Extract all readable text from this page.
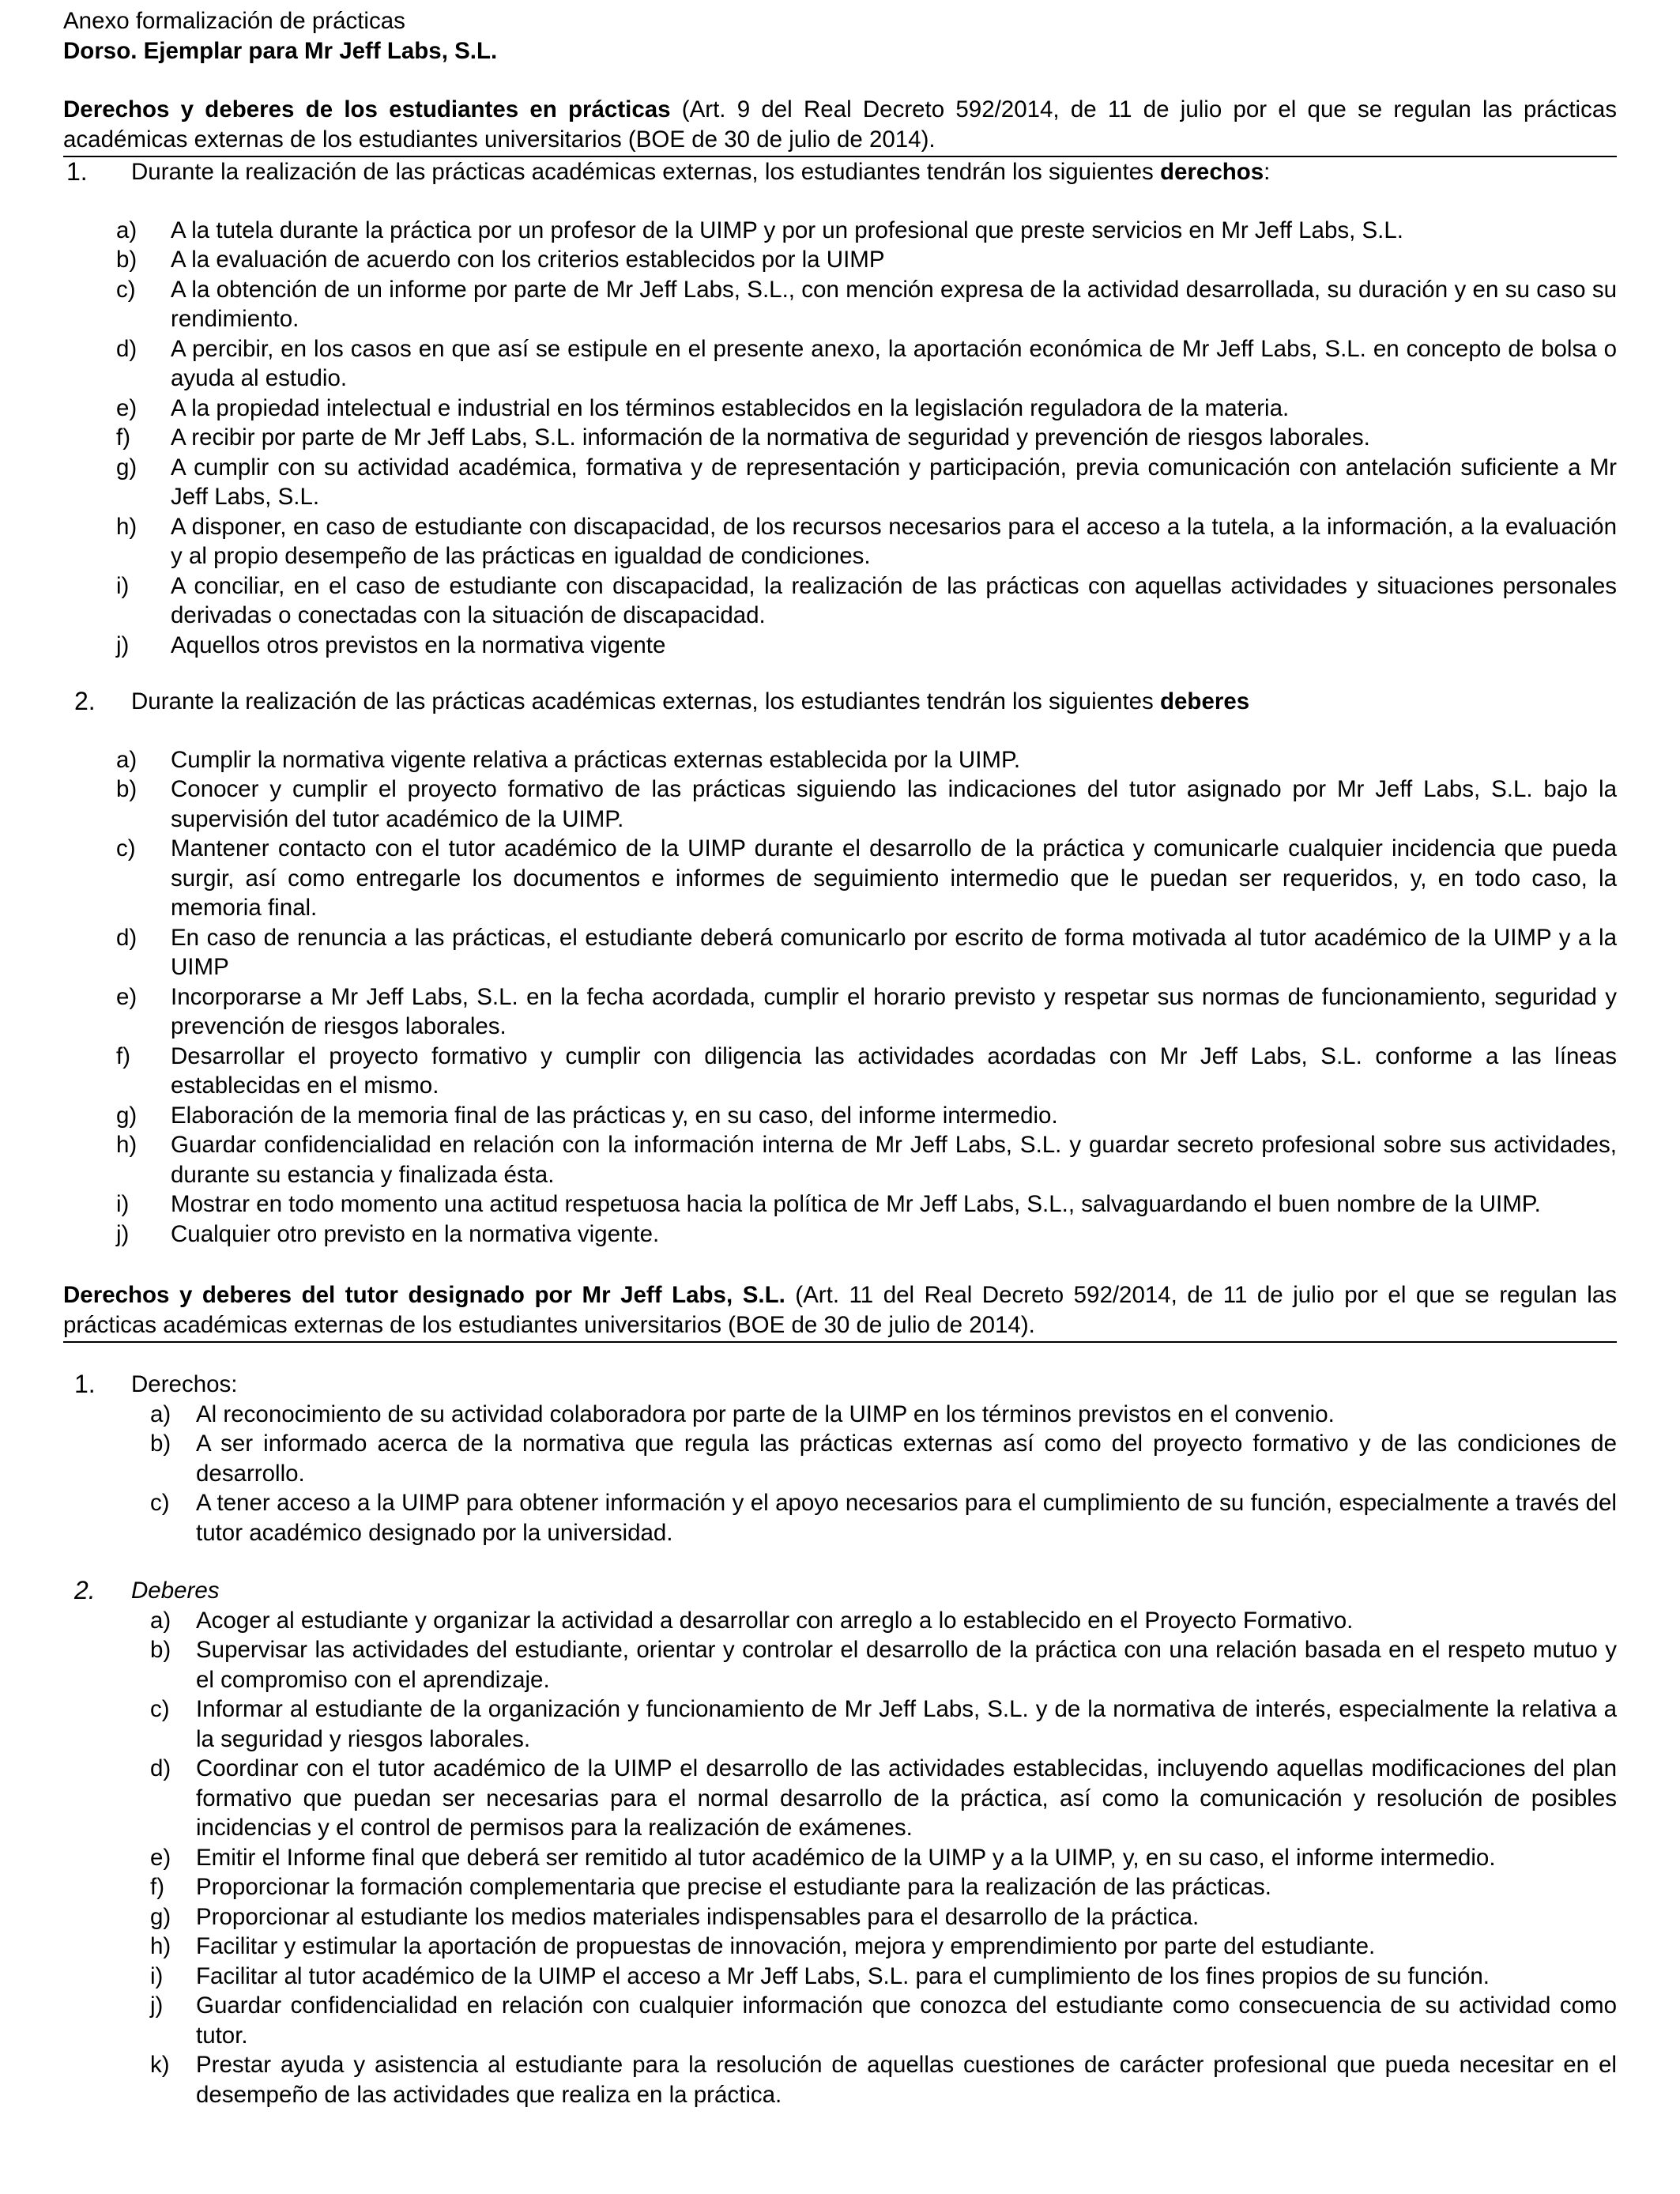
Anexo formalización de prácticas

Dorso. Ejemplar para Mr Jeff Labs, S.L.

Derechos y deberes de los estudiantes en prácticas (Art. 9 del Real Decreto 592/2014, de 11 de julio por el que se regulan las prácticas académicas externas de los estudiantes universitarios (BOE de 30 de julio de 2014).

1.	Durante la realización de las prácticas académicas externas, los estudiantes tendrán los siguientes derechos:
a)	A la tutela durante la práctica por un profesor de la UIMP y por un profesional que preste servicios en Mr Jeff Labs, S.L.
b)	A la evaluación de acuerdo con los criterios establecidos por la UIMP
c)	A la obtención de un informe por parte de Mr Jeff Labs, S.L., con mención expresa de la actividad desarrollada, su duración y en su caso su rendimiento.
d)	A percibir, en los casos en que así se estipule en el presente anexo, la aportación económica de Mr Jeff Labs, S.L. en concepto de bolsa o ayuda al estudio.
e)	A la propiedad intelectual e industrial en los términos establecidos en la legislación reguladora de la materia.
f)	A recibir por parte de Mr Jeff Labs, S.L. información de la normativa de seguridad y prevención de riesgos laborales.
g)	A cumplir con su actividad académica, formativa y de representación y participación, previa comunicación con antelación suficiente a Mr Jeff Labs, S.L.
h)	A disponer, en caso de estudiante con discapacidad, de los recursos necesarios para el acceso a la tutela, a la información, a la evaluación y al propio desempeño de las prácticas en igualdad de condiciones.
i)	A conciliar, en el caso de estudiante con discapacidad, la realización de las prácticas con aquellas actividades y situaciones personales derivadas o conectadas con la situación de discapacidad.
j)	Aquellos otros previstos en la normativa vigente
2.	Durante la realización de las prácticas académicas externas, los estudiantes tendrán los siguientes deberes
a)	Cumplir la normativa vigente relativa a prácticas externas establecida por la UIMP.
b)	Conocer y cumplir el proyecto formativo de las prácticas siguiendo las indicaciones del tutor asignado por Mr Jeff Labs, S.L. bajo la supervisión del tutor académico de la UIMP.
c)	Mantener contacto con el tutor académico de la UIMP durante el desarrollo de la práctica y comunicarle cualquier incidencia que pueda surgir, así como entregarle los documentos e informes de seguimiento intermedio que le puedan ser requeridos, y, en todo caso, la memoria final.
d)	En caso de renuncia a las prácticas, el estudiante deberá comunicarlo por escrito de forma motivada al tutor académico de la UIMP y a la UIMP
e)	Incorporarse a Mr Jeff Labs, S.L. en la fecha acordada, cumplir el horario previsto y respetar sus normas de funcionamiento, seguridad y prevención de riesgos laborales.
f)	Desarrollar el proyecto formativo y cumplir con diligencia las actividades acordadas con Mr Jeff Labs, S.L. conforme a las líneas establecidas en el mismo.
g)	Elaboración de la memoria final de las prácticas y, en su caso, del informe intermedio.
h)	Guardar confidencialidad en relación con la información interna de Mr Jeff Labs, S.L. y guardar secreto profesional sobre sus actividades, durante su estancia y finalizada ésta.
i)	Mostrar en todo momento una actitud respetuosa hacia la política de Mr Jeff Labs, S.L., salvaguardando el buen nombre de la UIMP.
j)	Cualquier otro previsto en la normativa vigente.

Derechos y deberes del tutor designado por Mr Jeff Labs, S.L. (Art. 11 del Real Decreto 592/2014, de 11 de julio por el que se regulan las prácticas académicas externas de los estudiantes universitarios (BOE de 30 de julio de 2014).

1.	Derechos:
a)	Al reconocimiento de su actividad colaboradora por parte de la UIMP en los términos previstos en el convenio.
b)	A ser informado acerca de la normativa que regula las prácticas externas así como del proyecto formativo y de las condiciones de desarrollo.
c)	A tener acceso a la UIMP para obtener información y el apoyo necesarios para el cumplimiento de su función, especialmente a través del tutor académico designado por la universidad.
2.	Deberes
a)	Acoger al estudiante y organizar la actividad a desarrollar con arreglo a lo establecido en el Proyecto Formativo.
b)	Supervisar las actividades del estudiante, orientar y controlar el desarrollo de la práctica con una relación basada en el respeto mutuo y el compromiso con el aprendizaje.
c)	Informar al estudiante de la organización y funcionamiento de Mr Jeff Labs, S.L. y de la normativa de interés, especialmente la relativa a la seguridad y riesgos laborales.
d)	Coordinar con el tutor académico de la UIMP el desarrollo de las actividades establecidas, incluyendo aquellas modificaciones del plan formativo que puedan ser necesarias para el normal desarrollo de la práctica, así como la comunicación y resolución de posibles incidencias y el control de permisos para la realización de exámenes.
e)	Emitir el Informe final que deberá ser remitido al tutor académico de la UIMP y a la UIMP, y, en su caso, el informe intermedio.
f)	Proporcionar la formación complementaria que precise el estudiante para la realización de las prácticas.
g)	Proporcionar al estudiante los medios materiales indispensables para el desarrollo de la práctica.
h)	Facilitar y estimular la aportación de propuestas de innovación, mejora y emprendimiento por parte del estudiante.
i)	Facilitar al tutor académico de la UIMP el acceso a Mr Jeff Labs, S.L. para el cumplimiento de los fines propios de su función.
j)	Guardar confidencialidad en relación con cualquier información que conozca del estudiante como consecuencia de su actividad como tutor.
k)	Prestar ayuda y asistencia al estudiante para la resolución de aquellas cuestiones de carácter profesional que pueda necesitar en el desempeño de las actividades que realiza en la práctica.
